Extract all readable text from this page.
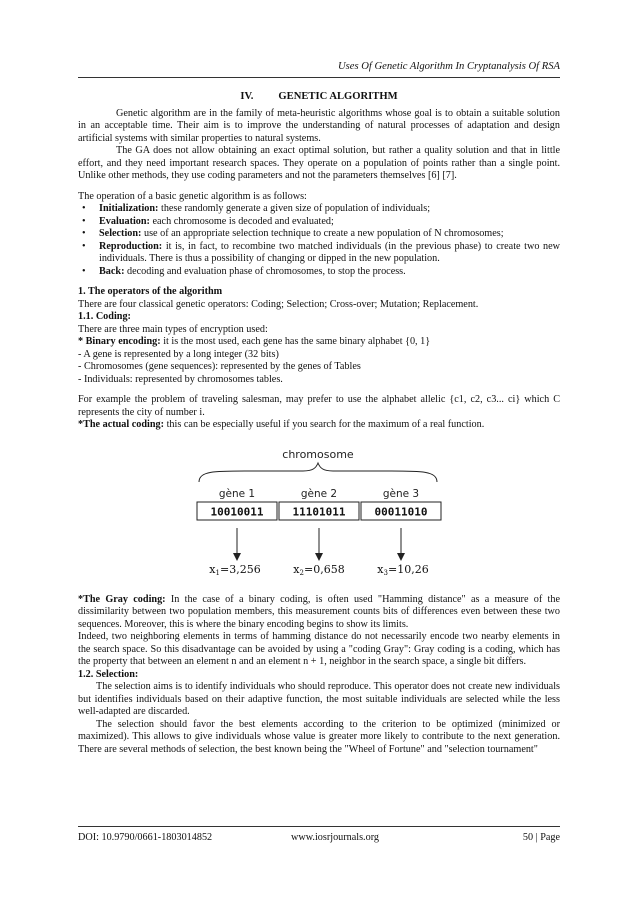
Uses Of Genetic Algorithm In Cryptanalysis Of RSA
IV. GENETIC ALGORITHM

Genetic algorithm are in the family of meta-heuristic algorithms whose goal is to obtain a suitable solution in an acceptable time. Their aim is to improve the understanding of natural processes of adaptation and design artificial systems with similar properties to natural systems.

The GA does not allow obtaining an exact optimal solution, but rather a quality solution and that in little effort, and they need important research spaces. They operate on a population of points rather than a single point. Unlike other methods, they use coding parameters and not the parameters themselves [6] [7].

The operation of a basic genetic algorithm is as follows:

• Initialization: these randomly generate a given size of population of individuals;
• Evaluation: each chromosome is decoded and evaluated;
• Selection: use of an appropriate selection technique to create a new population of N chromosomes;
• Reproduction: it is, in fact, to recombine two matched individuals (in the previous phase) to create two new individuals. There is thus a possibility of changing or dipped in the new population.
• Back: decoding and evaluation phase of chromosomes, to stop the process.

1. The operators of the algorithm

There are four classical genetic operators: Coding; Selection; Cross-over; Mutation; Replacement.

1.1. Coding:

There are three main types of encryption used:

* Binary encoding: it is the most used, each gene has the same binary alphabet {0, 1}

- A gene is represented by a long integer (32 bits)

- Chromosomes (gene sequences): represented by the genes of Tables

- Individuals: represented by chromosomes tables.

For example the problem of traveling salesman, may prefer to use the alphabet allelic {c1, c2, c3... ci} which C represents the city of number i.

*The actual coding: this can be especially useful if you search for the maximum of a real function.

chromosome
gène 1	gène 2	gène 3
10010011	11101011	00011010
x1=3,256	x2=0,658	x3=10,26

*The Gray coding: In the case of a binary coding, is often used "Hamming distance" as a measure of the dissimilarity between two population members, this measurement counts bits of differences even between these two sequences. Moreover, this is where the binary encoding begins to show its limits.

Indeed, two neighboring elements in terms of hamming distance do not necessarily encode two nearby elements in the search space. So this disadvantage can be avoided by using a "coding Gray": Gray coding is a coding, which has the property that between an element n and an element n + 1, neighbor in the search space, a single bit differs.

1.2. Selection:

The selection aims is to identify individuals who should reproduce. This operator does not create new individuals but identifies individuals based on their adaptive function, the most suitable individuals are selected while the less well-adapted are discarded.

The selection should favor the best elements according to the criterion to be optimized (minimized or maximized). This allows to give individuals whose value is greater more likely to contribute to the next generation. There are several methods of selection, the best known being the "Wheel of Fortune" and "selection tournament"

DOI: 10.9790/0661-1803014852	www.iosrjournals.org	50 | Page
